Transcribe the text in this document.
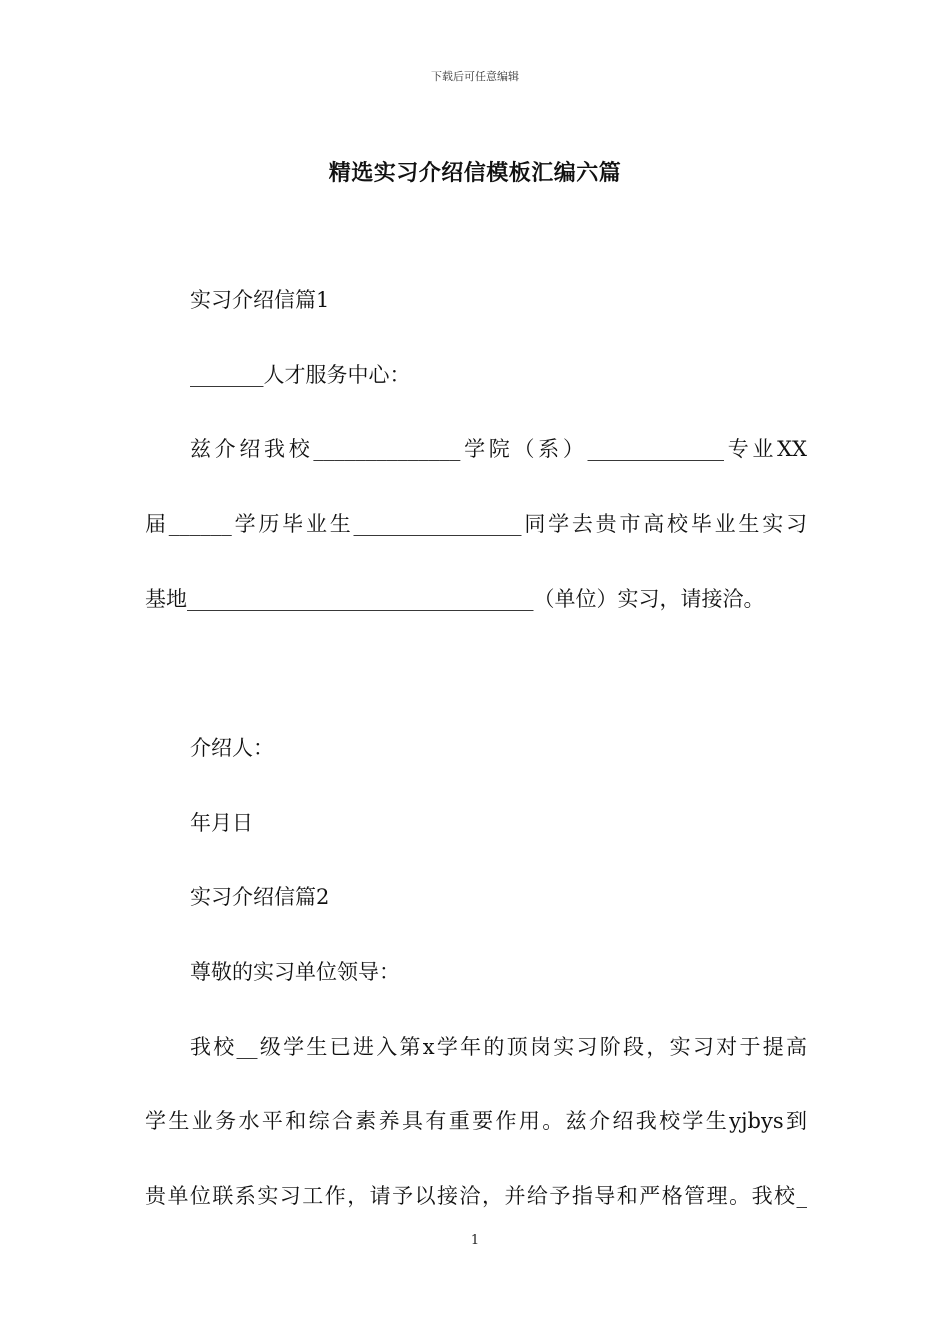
下载后可任意编辑
精选实习介绍信模板汇编六篇
实习介绍信篇1
_______人才服务中心：
兹介绍我校______________学院（系）_____________专业XX
届______学历毕业生________________同学去贵市高校毕业生实习
基地_________________________________（单位）实习，请接洽。
介绍人：
年月日
实习介绍信篇2
尊敬的实习单位领导：
我校__级学生已进入第x学年的顶岗实习阶段，实习对于提高
学生业务水平和综合素养具有重要作用。兹介绍我校学生yjbys到
贵单位联系实习工作，请予以接洽，并给予指导和严格管理。我校_
1
